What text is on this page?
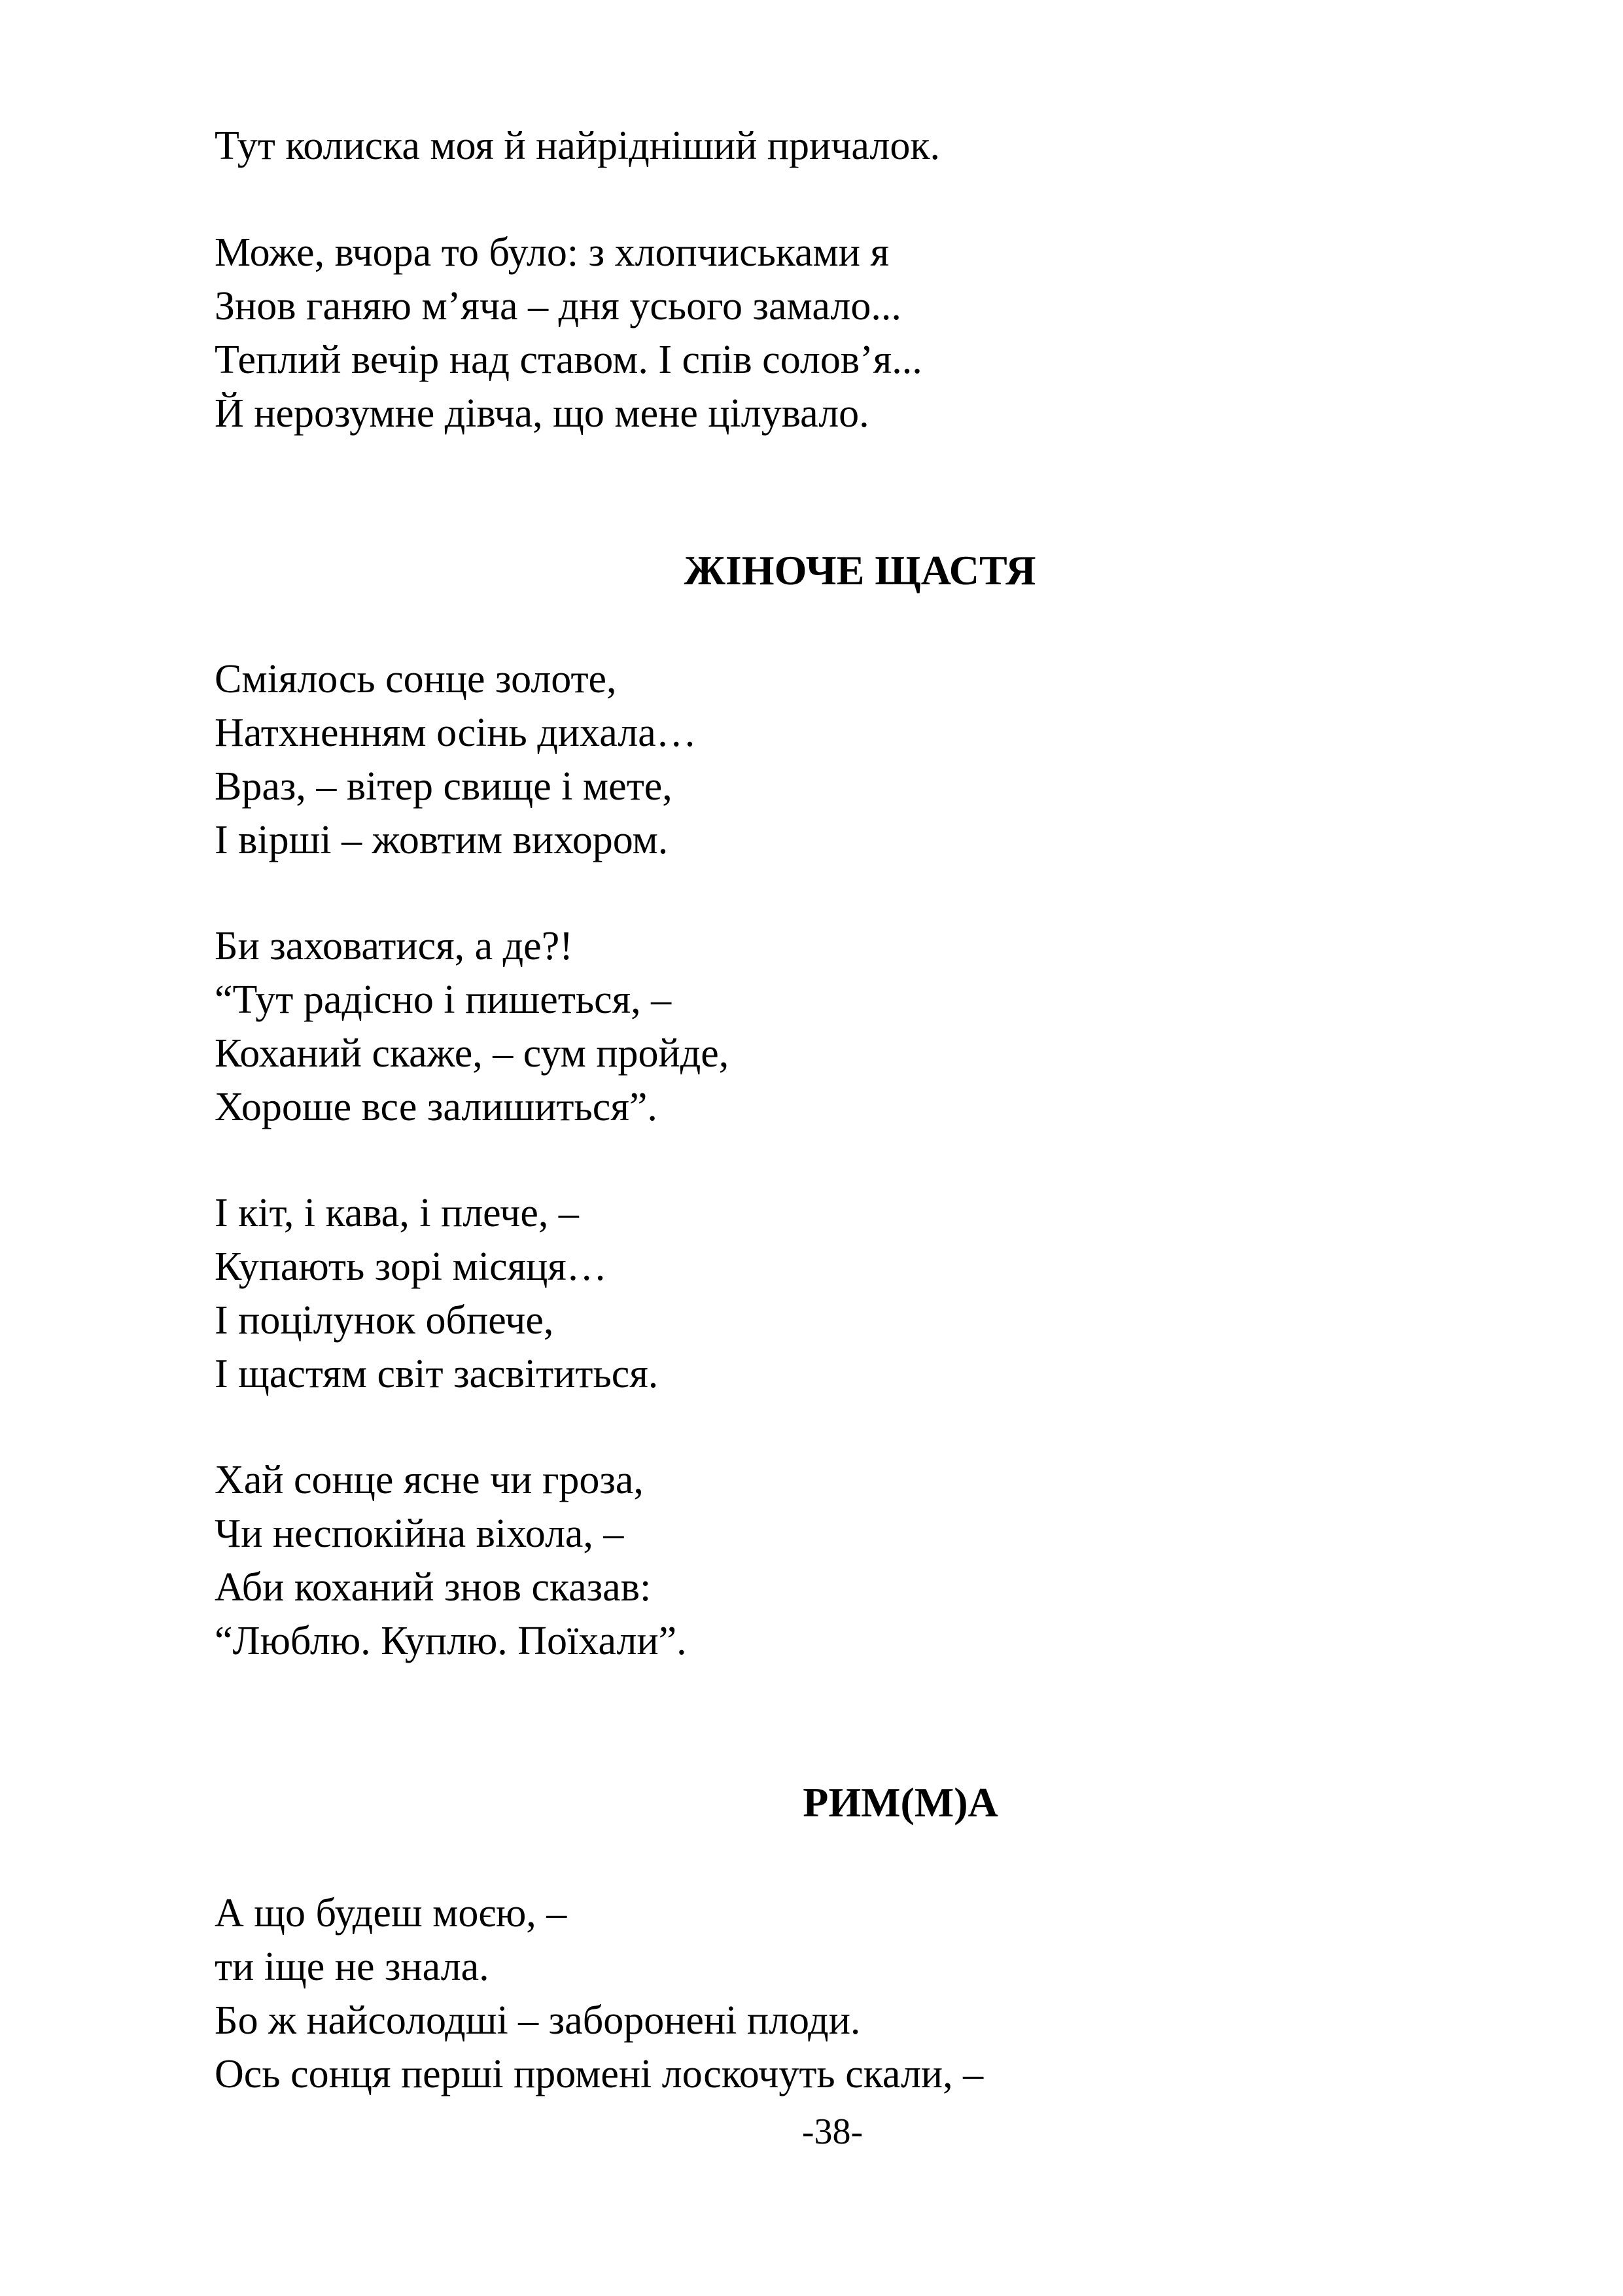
Тут колиска моя й найрідніший причалок.
Може, вчора то було: з хлопчиськами я
Знов ганяю м’яча – дня усього замало...
Теплий вечір над ставом. І спів солов’я...
Й нерозумне дівча, що мене цілувало.
ЖІНОЧЕ ЩАСТЯ
Сміялось сонце золоте,
Натхненням осінь дихала…
Враз, – вітер свище і мете,
І вірші – жовтим вихором.
Би заховатися, а де?!
“Тут радісно і пишеться, –
Коханий скаже, – сум пройде,
Хороше все залишиться”.
І кіт, і кава, і плече, –
Купають зорі місяця…
І поцілунок обпече,
І щастям світ засвітиться.
Хай сонце ясне чи гроза,
Чи неспокійна віхола, –
Аби коханий знов сказав:
“Люблю. Куплю. Поїхали”.
РИМ(М)А
А що будеш моєю, –
ти іще не знала.
Бо ж найсолодші – заборонені плоди.
Ось сонця перші промені лоскочуть скали, –
-38-
